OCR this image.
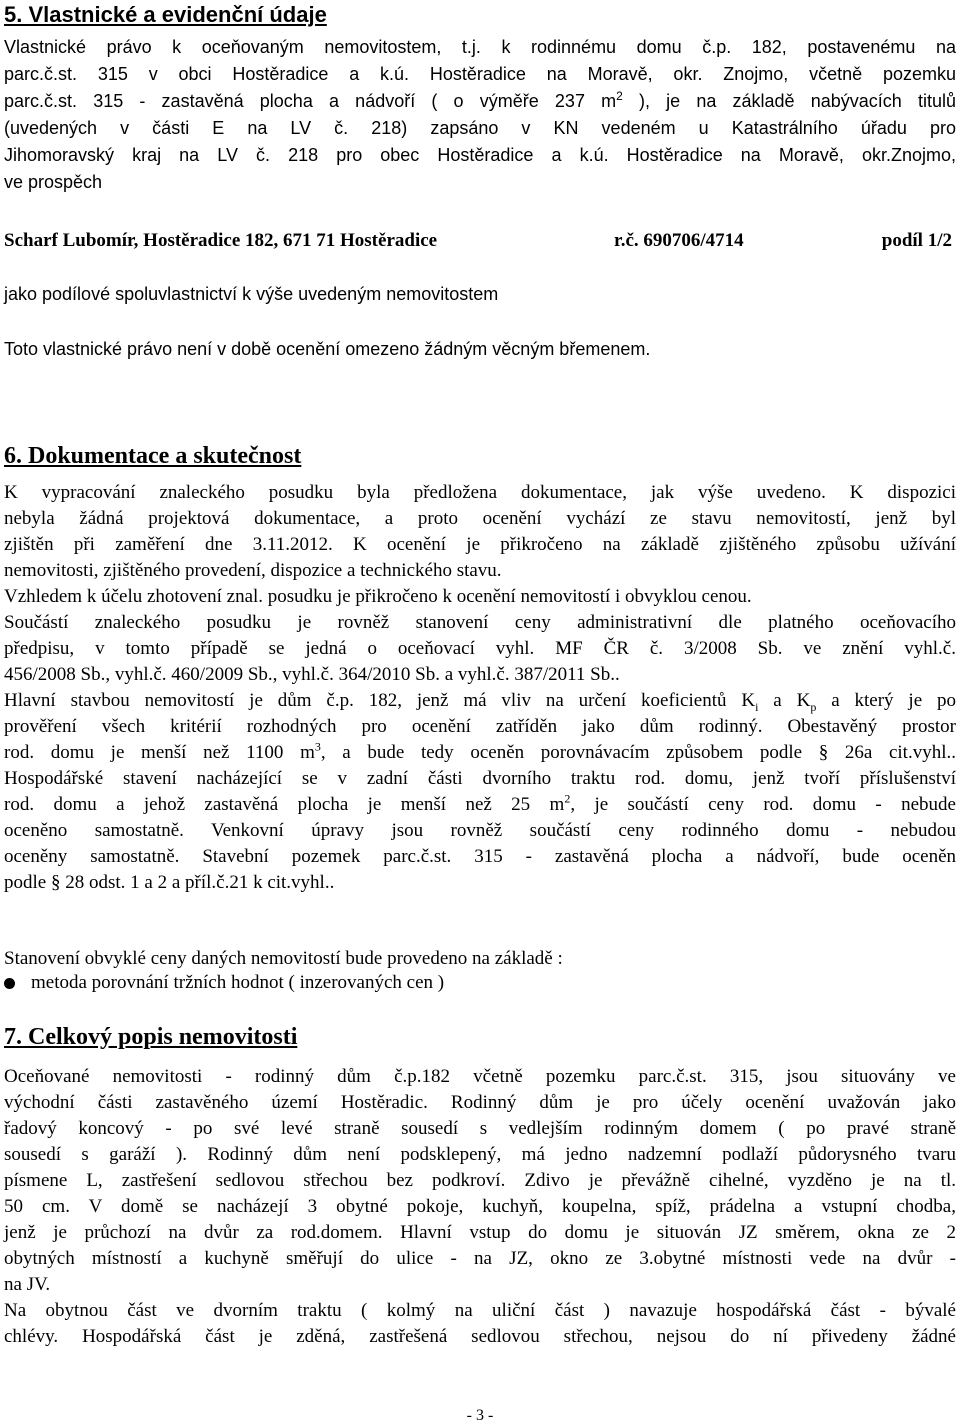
5. Vlastnické a evidenční údaje
Vlastnické právo k oceňovaným nemovitostem, t.j. k rodinnému domu č.p. 182, postavenému na
parc.č.st. 315 v obci Hostěradice a k.ú. Hostěradice na Moravě, okr. Znojmo, včetně pozemku
parc.č.st. 315 - zastavěná plocha a nádvoří ( o výměře 237 $m^2$ ), je na základě nabývacích titulů
(uvedených v části E na LV č. 218) zapsáno v KN vedeném u Katastrálního úřadu pro
Jihomoravský kraj na LV č. 218 pro obec Hostěradice a k.ú. Hostěradice na Moravě, okr.Znojmo,
ve prospěch
Scharf Lubomír, Hostěradice 182, 671 71 Hostěradice	r.č. 690706/4714	podíl 1/2
jako podílové spoluvlastnictví k výše uvedeným nemovitostem
Toto vlastnické právo není v době ocenění omezeno žádným věcným břemenem.
6. Dokumentace a skutečnost
K vypracování znaleckého posudku byla předložena dokumentace, jak výše uvedeno. K dispozici
nebyla žádná projektová dokumentace, a proto ocenění vychází ze stavu nemovitostí, jenž byl
zjištěn při zaměření dne 3.11.2012. K ocenění je přikročeno na základě zjištěného způsobu užívání
nemovitosti, zjištěného provedení, dispozice a technického stavu.
Vzhledem k účelu zhotovení znal. posudku je přikročeno k ocenění nemovitostí i obvyklou cenou.
Součástí znaleckého posudku je rovněž stanovení ceny administrativní dle platného oceňovacího
předpisu, v tomto případě se jedná o oceňovací vyhl. MF ČR č. 3/2008 Sb. ve znění vyhl.č.
456/2008 Sb., vyhl.č. 460/2009 Sb., vyhl.č. 364/2010 Sb. a vyhl.č. 387/2011 Sb..
Hlavní stavbou nemovitostí je dům č.p. 182, jenž má vliv na určení koeficientů $K_i$ a $K_p$ a který je po
prověření všech kritérií rozhodných pro ocenění zatříděn jako dům rodinný. Obestavěný prostor
rod. domu je menší než 1100 $m^3$, a bude tedy oceněn porovnávacím způsobem podle § 26a cit.vyhl..
Hospodářské stavení nacházející se v zadní části dvorního traktu rod. domu, jenž tvoří příslušenství
rod. domu a jehož zastavěná plocha je menší než 25 $m^2$, je součástí ceny rod. domu - nebude
oceněno samostatně. Venkovní úpravy jsou rovněž součástí ceny rodinného domu - nebudou
oceněny samostatně. Stavební pozemek parc.č.st. 315 - zastavěná plocha a nádvoří, bude oceněn
podle § 28 odst. 1 a 2 a příl.č.21 k cit.vyhl..
Stanovení obvyklé ceny daných nemovitostí bude provedeno na základě :
metoda porovnání tržních hodnot ( inzerovaných cen )
7. Celkový popis nemovitosti
Oceňované nemovitosti - rodinný dům č.p.182 včetně pozemku parc.č.st. 315, jsou situovány ve
východní části zastavěného území Hostěradic. Rodinný dům je pro účely ocenění uvažován jako
řadový koncový - po své levé straně sousedí s vedlejším rodinným domem ( po pravé straně
sousedí s garáží ). Rodinný dům není podsklepený, má jedno nadzemní podlaží půdorysného tvaru
písmene L, zastřešení sedlovou střechou bez podkroví. Zdivo je převážně cihelné, vyzděno je na tl.
50 cm. V domě se nacházejí 3 obytné pokoje, kuchyň, koupelna, spíž, prádelna a vstupní chodba,
jenž je průchozí na dvůr za rod.domem. Hlavní vstup do domu je situován JZ směrem, okna ze 2
obytných místností a kuchyně směřují do ulice - na JZ, okno ze 3.obytné místnosti vede na dvůr -
na JV.
Na obytnou část ve dvorním traktu ( kolmý na uliční část ) navazuje hospodářská část - bývalé
chlévy. Hospodářská část je zděná, zastřešená sedlovou střechou, nejsou do ní přivedeny žádné
- 3 -
